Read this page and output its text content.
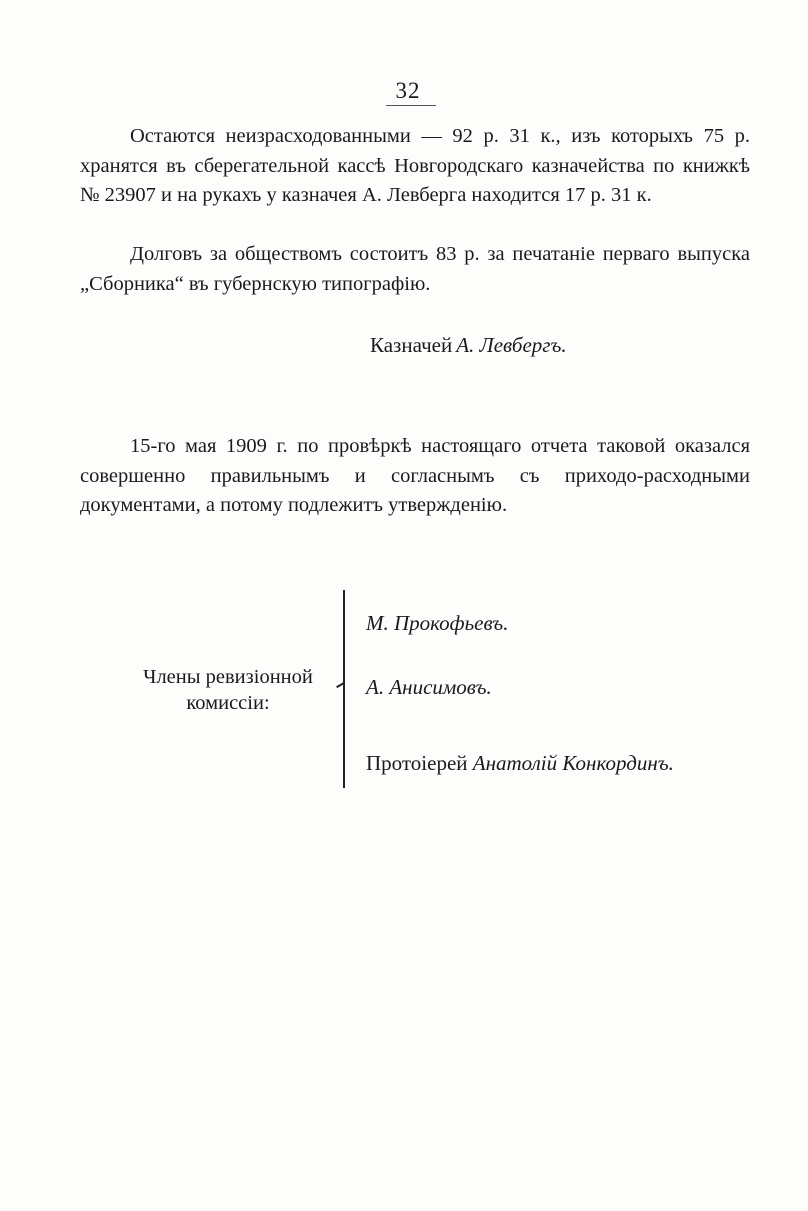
32
Остаются неизрасходованными — 92 р. 31 к., изъ которыхъ 75 р. хранятся въ сберегательной кассѣ Новгородскаго казначейства по книжкѣ № 23907 и на рукахъ у казначея А. Левберга находится 17 р. 31 к.
Долговъ за обществомъ состоитъ 83 р. за печатаніе перваго выпуска „Сборника“ въ губернскую типографію.
Казначей А. Левбергъ.
15-го мая 1909 г. по провѣркѣ настоящаго отчета таковой оказался совершенно правильнымъ и согласнымъ съ приходо-расходными документами, а потому подлежитъ утвержденію.
Члены ревизіонной комиссіи:
М. Прокофьевъ.
А. Анисимовъ.
Протоіерей Анатолій Конкординъ.
